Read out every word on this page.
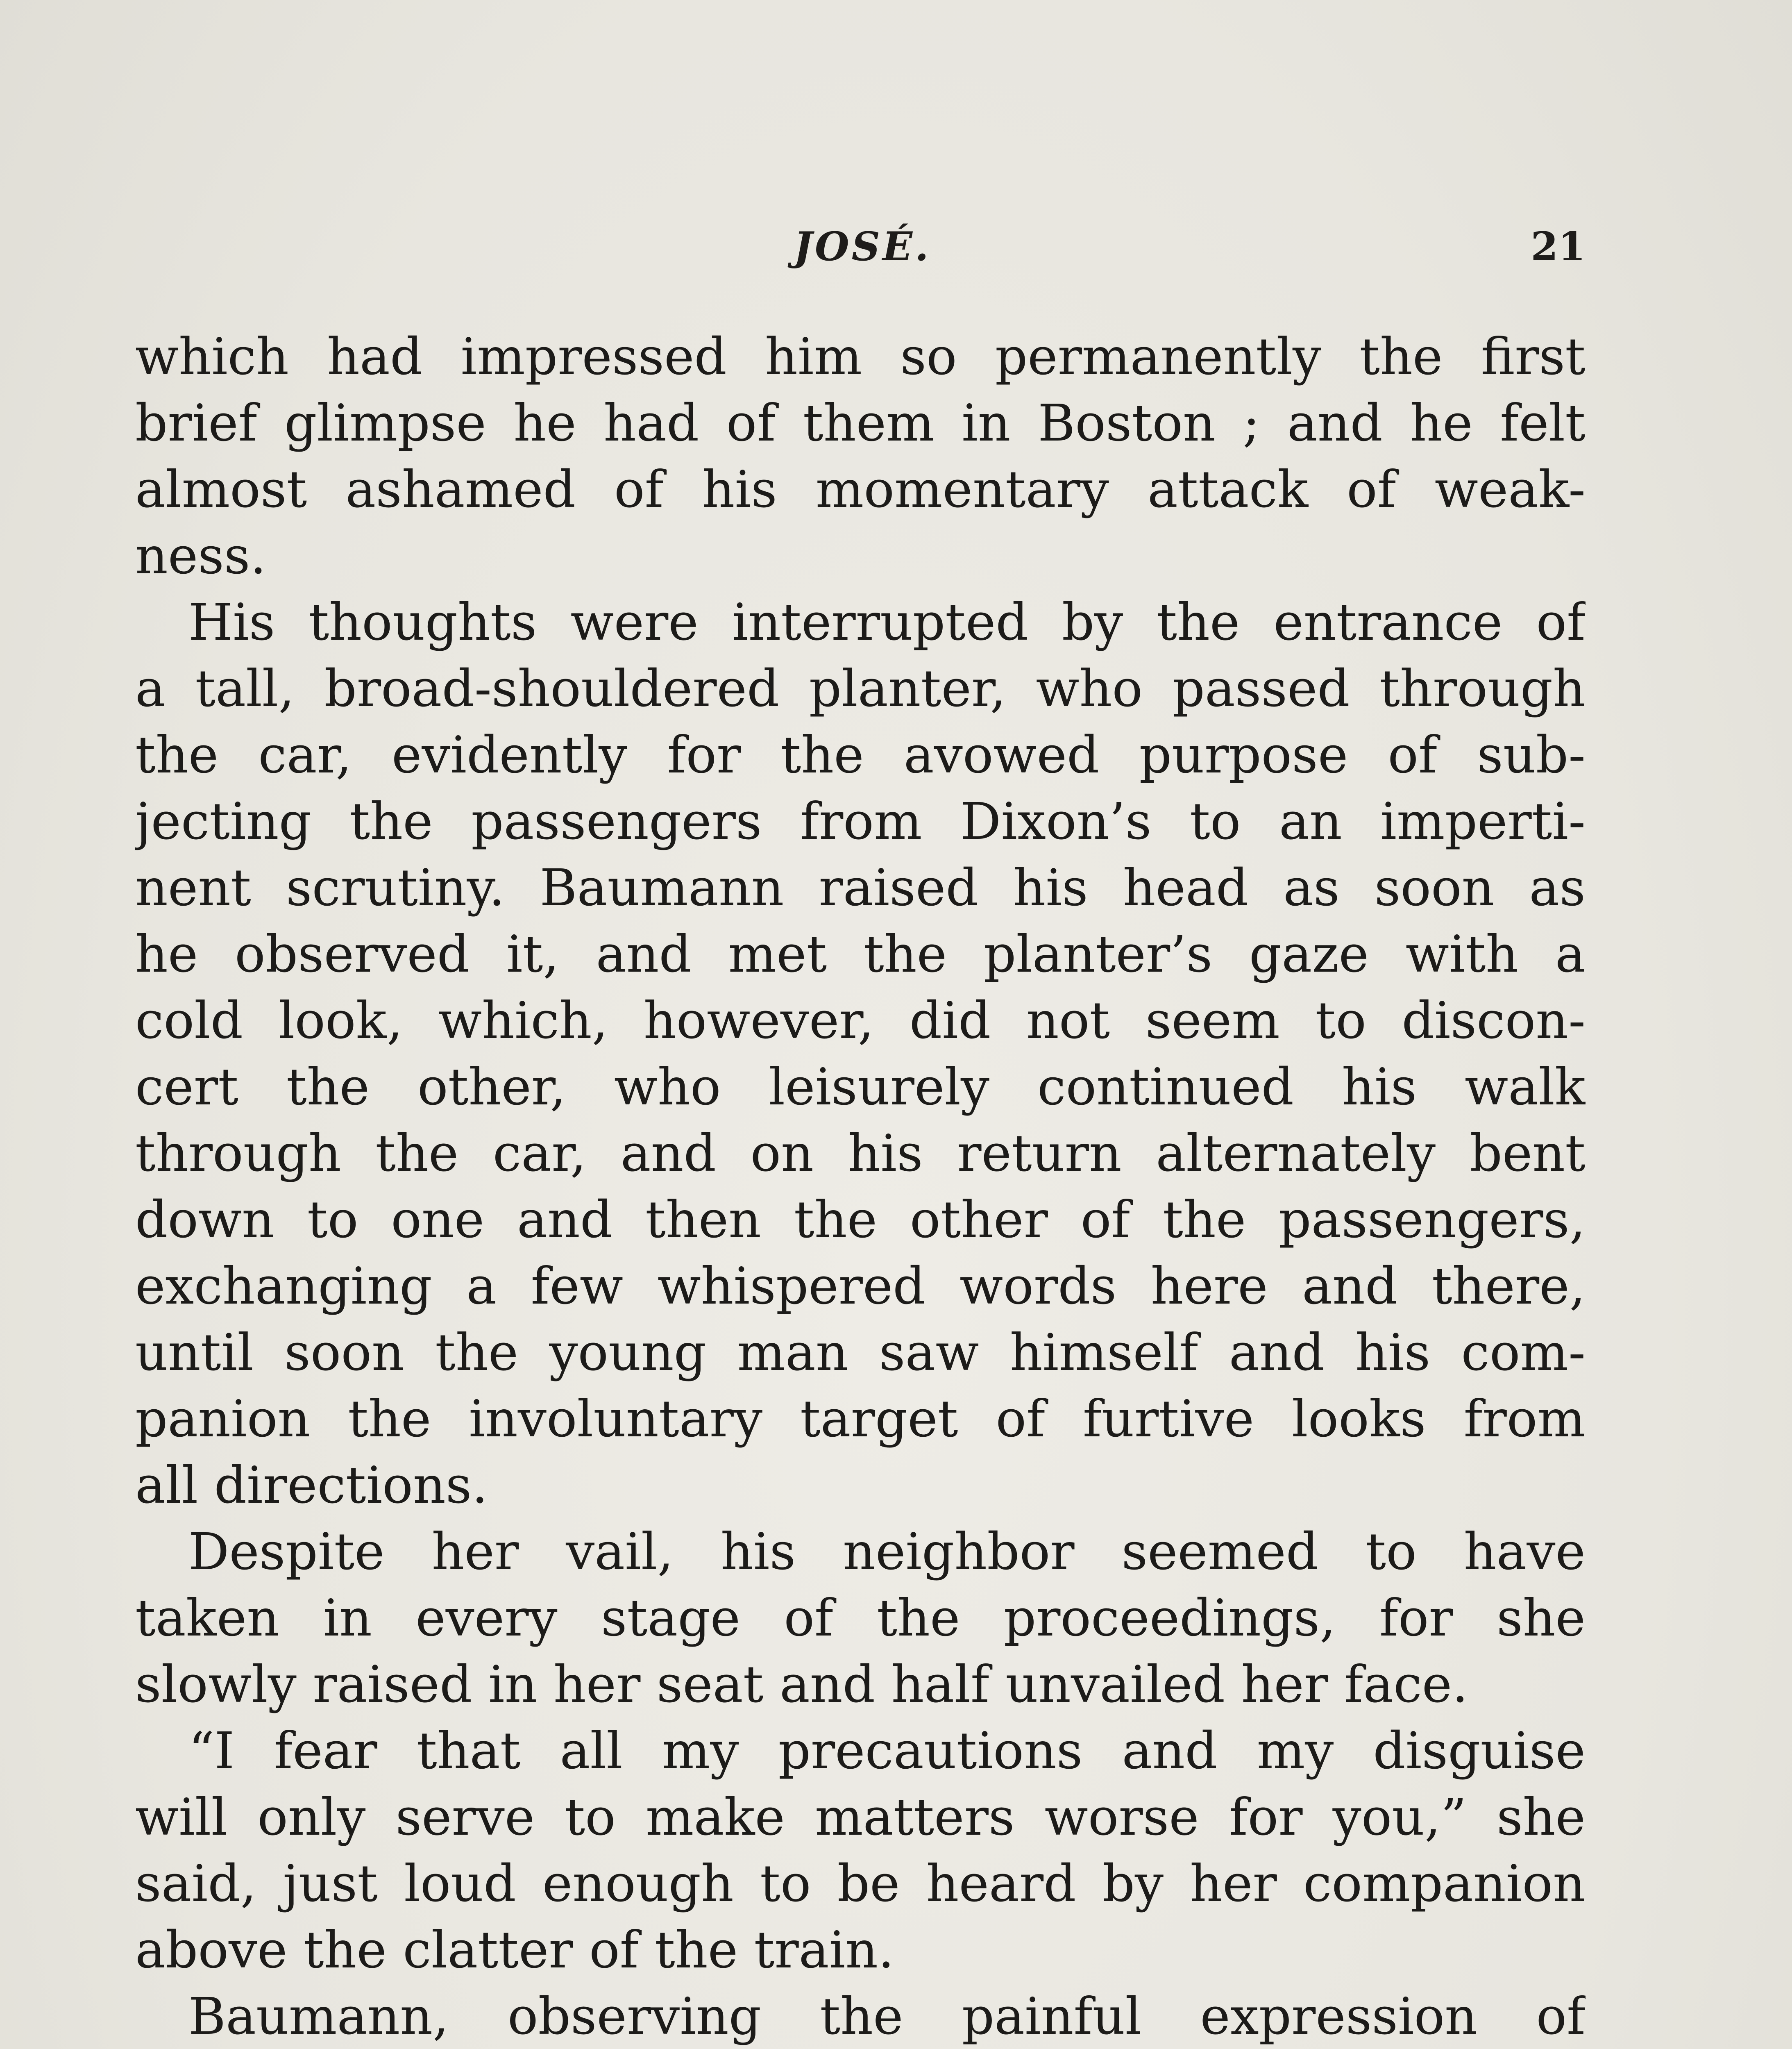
JOSÉ.	21
which had impressed him so permanently the first
brief glimpse he had of them in Boston ; and he felt
almost ashamed of his momentary attack of weak-
ness.
His thoughts were interrupted by the entrance of
a tall, broad-shouldered planter, who passed through
the car, evidently for the avowed purpose of sub-
jecting the passengers from Dixon’s to an imperti-
nent scrutiny. Baumann raised his head as soon as
he observed it, and met the planter’s gaze with a
cold look, which, however, did not seem to discon-
cert the other, who leisurely continued his walk
through the car, and on his return alternately bent
down to one and then the other of the passengers,
exchanging a few whispered words here and there,
until soon the young man saw himself and his com-
panion the involuntary target of furtive looks from
all directions.
Despite her vail, his neighbor seemed to have
taken in every stage of the proceedings, for she
slowly raised in her seat and half unvailed her face.
“I fear that all my precautions and my disguise
will only serve to make matters worse for you,” she
said, just loud enough to be heard by her companion
above the clatter of the train.
Baumann, observing the painful expression of
